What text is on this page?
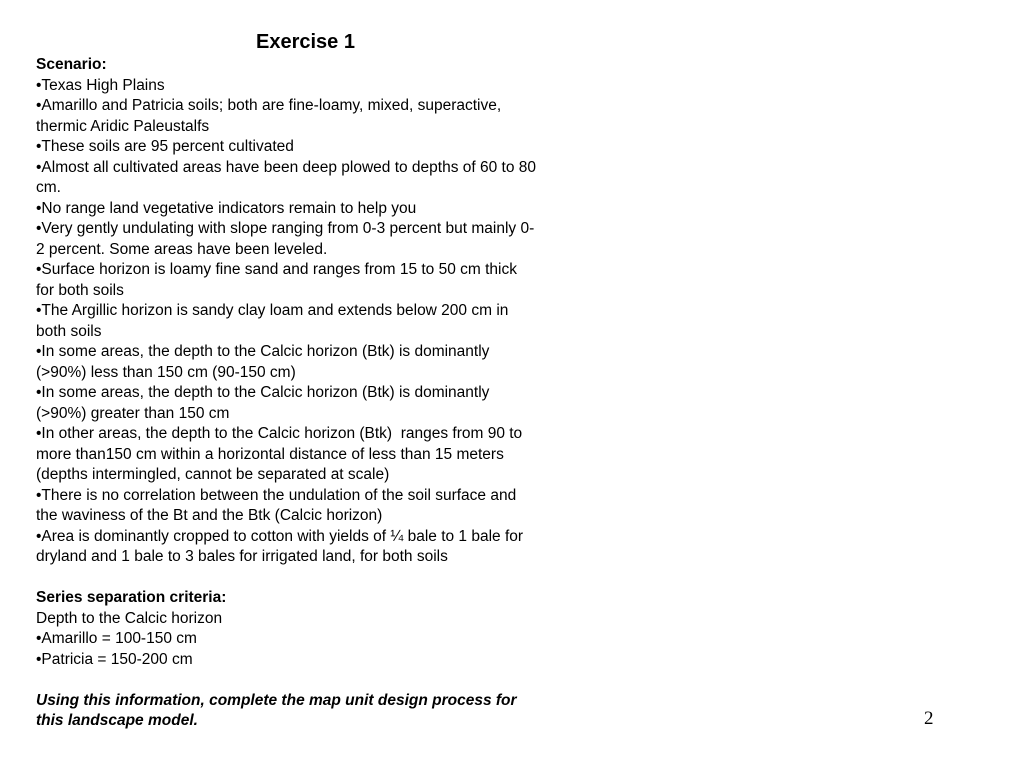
Exercise 1
Scenario:
•Texas High Plains
•Amarillo and Patricia soils; both are fine-loamy, mixed, superactive,
thermic Aridic Paleustalfs
•These soils are 95 percent cultivated
•Almost all cultivated areas have been deep plowed to depths of 60 to 80
cm.
•No range land vegetative indicators remain to help you
•Very gently undulating with slope ranging from 0-3 percent but mainly 0-
2 percent. Some areas have been leveled.
•Surface horizon is loamy fine sand and ranges from 15 to 50 cm thick
for both soils
•The Argillic horizon is sandy clay loam and extends below 200 cm in
both soils
•In some areas, the depth to the Calcic horizon (Btk) is dominantly
(>90%) less than 150 cm (90-150 cm)
•In some areas, the depth to the Calcic horizon (Btk) is dominantly
(>90%) greater than 150 cm
•In other areas, the depth to the Calcic horizon (Btk)  ranges from 90 to
more than150 cm within a horizontal distance of less than 15 meters
(depths intermingled, cannot be separated at scale)
•There is no correlation between the undulation of the soil surface and
the waviness of the Bt and the Btk (Calcic horizon)
•Area is dominantly cropped to cotton with yields of ¼ bale to 1 bale for
dryland and 1 bale to 3 bales for irrigated land, for both soils
Series separation criteria:
Depth to the Calcic horizon
•Amarillo = 100-150 cm
•Patricia = 150-200 cm
Using this information, complete the map unit design process for
this landscape model.	2
